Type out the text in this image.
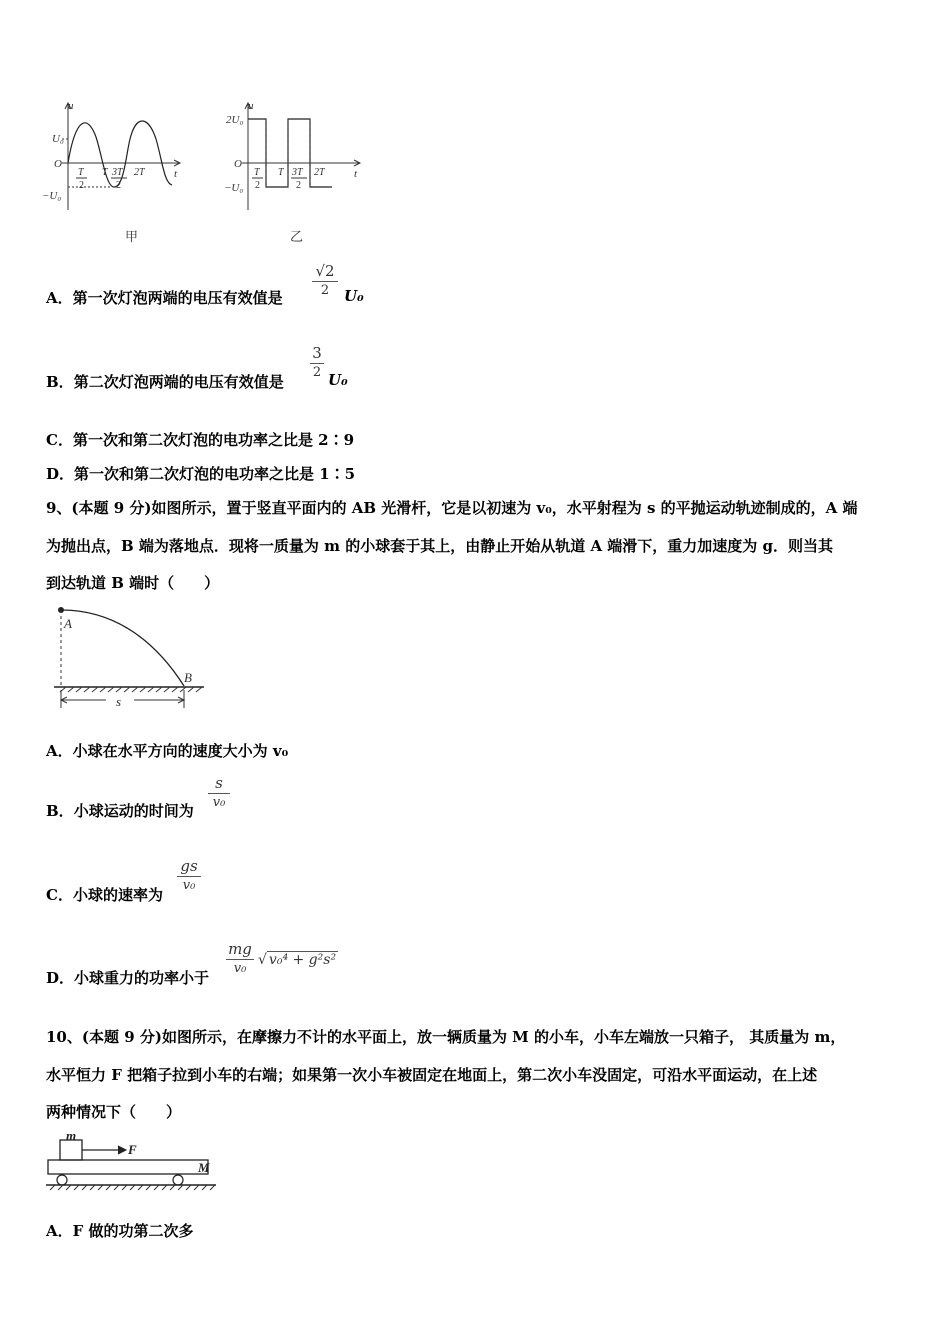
u
t
U₀
O
−U₀
T
2
T 3T
2
2T
u
t
2U₀
O
−U₀
T
2
T 3T
2
2T
甲	乙
A．第一次灯泡两端的电压有效值是
√2
2 U₀
B．第二次灯泡两端的电压有效值是
3
2 U₀
C．第一次和第二次灯泡的电功率之比是 2∶9
D．第一次和第二次灯泡的电功率之比是 1∶5
9、(本题 9 分)如图所示，置于竖直平面内的 AB 光滑杆，它是以初速为 v₀，水平射程为 s 的平抛运动轨迹制成的，A 端
为抛出点，B 端为落地点．现将一质量为 m 的小球套于其上，由静止开始从轨道 A 端滑下，重力加速度为 g．则当其
到达轨道 B 端时（　　）
A
B
s
A．小球在水平方向的速度大小为 v₀
B．小球运动的时间为
s
v₀
C．小球的速率为
gs
v₀
D．小球重力的功率小于
mg
v₀
√ v₀⁴ + g²s²
10、(本题 9 分)如图所示，在摩擦力不计的水平面上，放一辆质量为 M 的小车，小车左端放一只箱子， 其质量为 m，
水平恒力 F 把箱子拉到小车的右端；如果第一次小车被固定在地面上，第二次小车没固定，可沿水平面运动，在上述
两种情况下（　　）
m
F
M
A．F 做的功第二次多
